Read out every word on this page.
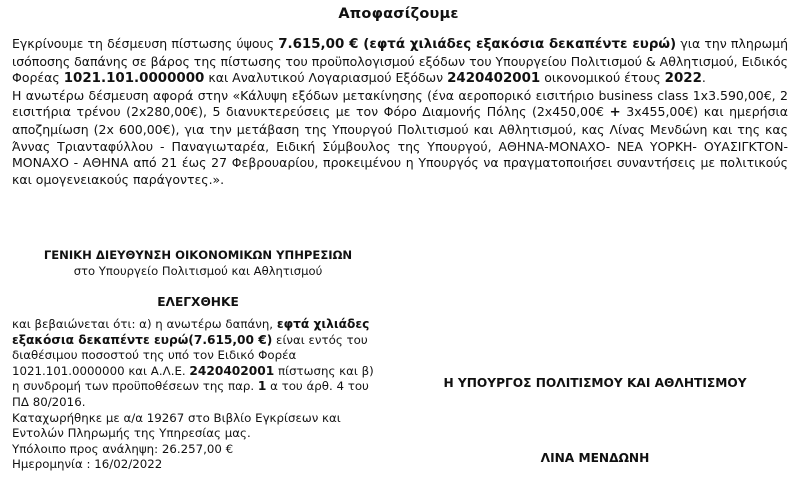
Αποφασίζουμε

Εγκρίνουμε τη δέσμευση πίστωσης ύψους 7.615,00 € (εφτά χιλιάδες εξακόσια δεκαπέντε ευρώ) για την πληρωμή ισόποσης δαπάνης σε βάρος της πίστωσης του προϋπολογισμού εξόδων του Υπουργείου Πολιτισμού & Αθλητισμού, Ειδικός Φορέας 1021.101.0000000 και Αναλυτικού Λογαριασμού Εξόδων 2420402001 οικονομικού έτους 2022.

Η ανωτέρω δέσμευση αφορά στην «Κάλυψη εξόδων μετακίνησης (ένα αεροπορικό εισιτήριο business class 1x3.590,00€, 2 εισιτήρια τρένου (2x280,00€), 5 διανυκτερεύσεις με τον Φόρο Διαμονής Πόλης (2x450,00€ + 3x455,00€) και ημερήσια αποζημίωση (2x 600,00€), για την μετάβαση της Υπουργού Πολιτισμού και Αθλητισμού, κας Λίνας Μενδώνη και της κας Άννας Τριανταφύλλου - Παναγιωταρέα, Ειδική Σύμβουλος της Υπουργού, ΑΘΗΝΑ-ΜΟΝΑΧΟ- ΝΕΑ ΥΟΡΚΗ- ΟΥΑΣΙΓΚΤΟΝ-ΜΟΝΑΧΟ - ΑΘΗΝΑ από 21 έως 27 Φεβρουαρίου, προκειμένου η Υπουργός να πραγματοποιήσει συναντήσεις με πολιτικούς και ομογενειακούς παράγοντες.».

ΓΕΝΙΚΗ ΔΙΕΥΘΥΝΣΗ ΟΙΚΟΝΟΜΙΚΩΝ ΥΠΗΡΕΣΙΩΝ
στο Υπουργείο Πολιτισμού και Αθλητισμού
ΕΛΕΓΧΘΗΚΕ
και βεβαιώνεται ότι: α) η ανωτέρω δαπάνη, εφτά χιλιάδες εξακόσια δεκαπέντε ευρώ(7.615,00 €) είναι εντός του διαθέσιμου ποσοστού της υπό τον Ειδικό Φορέα 1021.101.0000000 και Α.Λ.Ε. 2420402001 πίστωσης και β) η συνδρομή των προϋποθέσεων της παρ. 1 α του άρθ. 4 του ΠΔ 80/2016.
Καταχωρήθηκε με α/α 19267 στο Βιβλίο Εγκρίσεων και Εντολών Πληρωμής της Υπηρεσίας μας.
Υπόλοιπο προς ανάληψη: 26.257,00 €
Ημερομηνία : 16/02/2022
Η ΥΠΟΥΡΓΟΣ ΠΟΛΙΤΙΣΜΟΥ ΚΑΙ ΑΘΛΗΤΙΣΜΟΥ
ΛΙΝΑ ΜΕΝΔΩΝΗ
